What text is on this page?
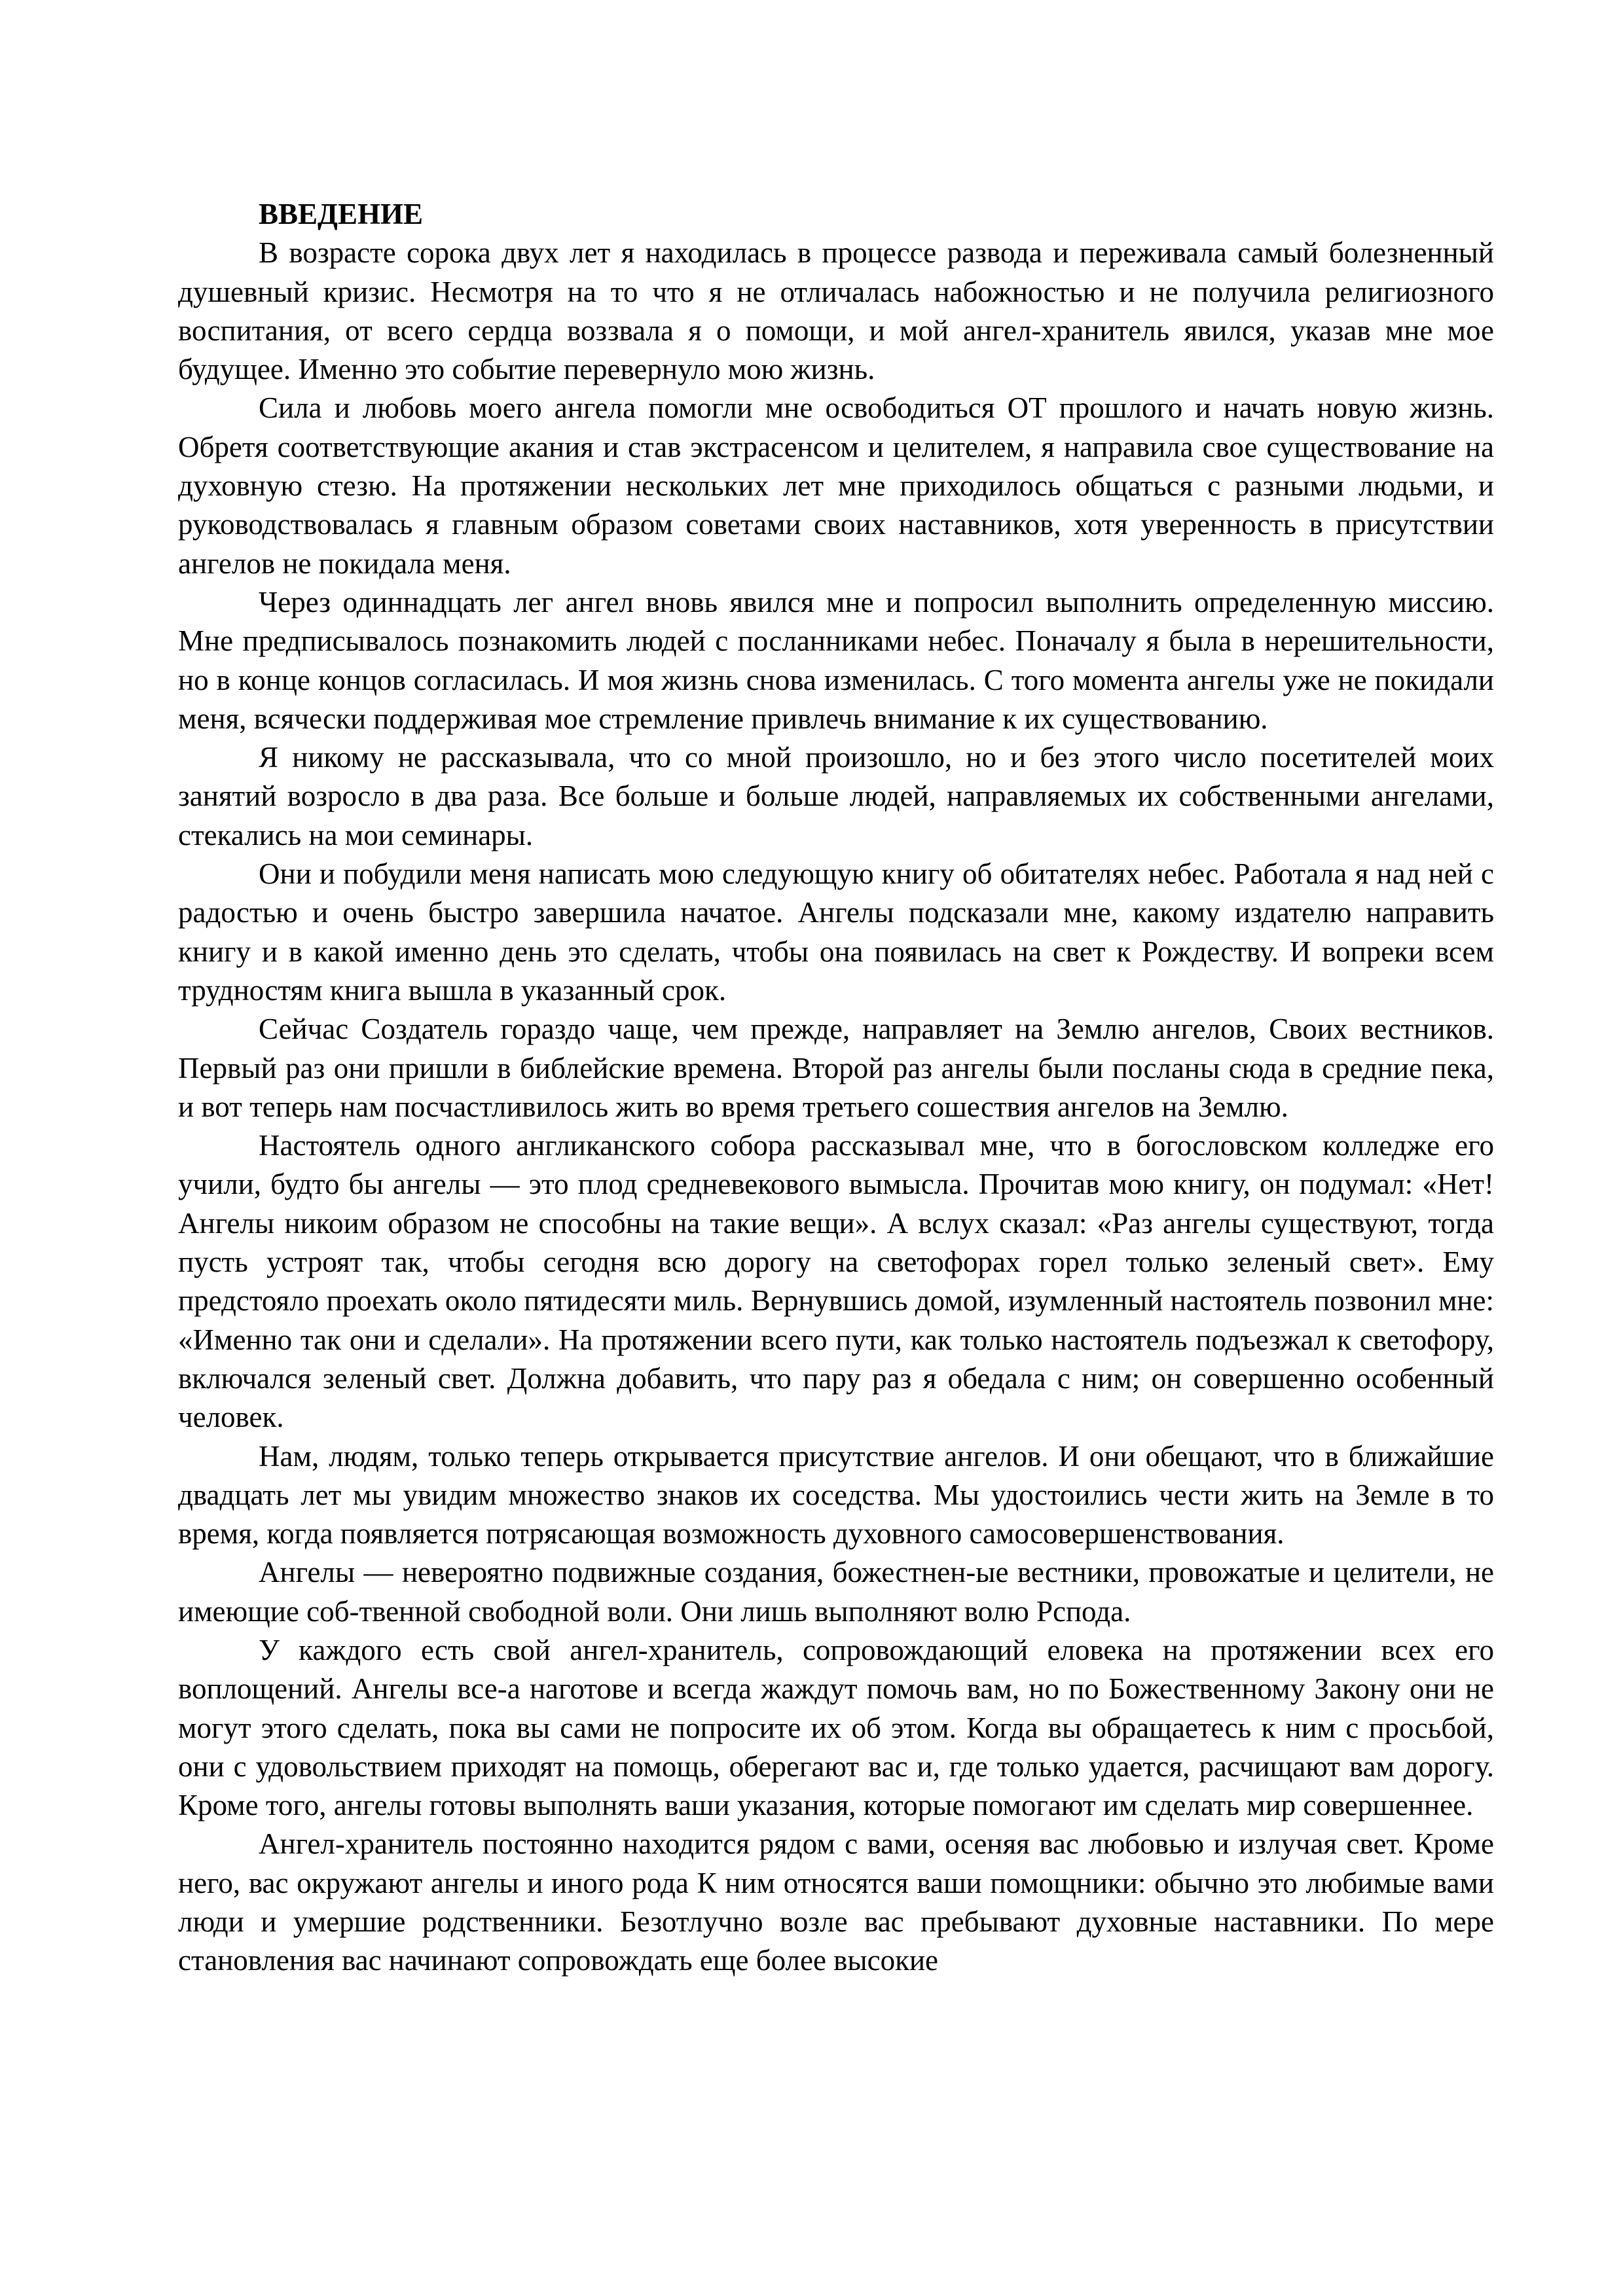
ВВЕДЕНИЕ

В возрасте сорока двух лет я находилась в процессе развода и переживала самый болезненный душевный кризис. Несмотря на то что я не отличалась набожностью и не получила религиозного воспитания, от всего сердца воззвала я о помощи, и мой ангел-хранитель явился, указав мне мое будущее. Именно это событие перевернуло мою жизнь.

Сила и любовь моего ангела помогли мне освободиться ОТ прошлого и начать новую жизнь. Обретя соответствующие акания и став экстрасенсом и целителем, я направила свое существование на духовную стезю. На протяжении нескольких лет мне приходилось общаться с разными людьми, и руководствовалась я главным образом советами своих наставников, хотя уверенность в присутствии ангелов не покидала меня.

Через одиннадцать лег ангел вновь явился мне и попросил выполнить определенную миссию. Мне предписывалось познакомить людей с посланниками небес. Поначалу я была в нерешительности, но в конце концов согласилась. И моя жизнь снова изменилась. С того момента ангелы уже не покидали меня, всячески поддерживая мое стремление привлечь внимание к их существованию.

Я никому не рассказывала, что со мной произошло, но и без этого число посетителей моих занятий возросло в два раза. Все больше и больше людей, направляемых их собственными ангелами, стекались на мои семинары.

Они и побудили меня написать мою следующую книгу об обитателях небес. Работала я над ней с радостью и очень быстро завершила начатое. Ангелы подсказали мне, какому издателю направить книгу и в какой именно день это сделать, чтобы она появилась на свет к Рождеству. И вопреки всем трудностям книга вышла в указанный срок.

Сейчас Создатель гораздо чаще, чем прежде, направляет на Землю ангелов, Своих вестников. Первый раз они пришли в библейские времена. Второй раз ангелы были посланы сюда в средние пека, и вот теперь нам посчастливилось жить во время третьего сошествия ангелов на Землю.

Настоятель одного англиканского собора рассказывал мне, что в богословском колледже его учили, будто бы ангелы — это плод средневекового вымысла. Прочитав мою книгу, он подумал: «Нет! Ангелы никоим образом не способны на такие вещи». А вслух сказал: «Раз ангелы существуют, тогда пусть устроят так, чтобы сегодня всю дорогу на светофорах горел только зеленый свет». Ему предстояло проехать около пятидесяти миль. Вернувшись домой, изумленный настоятель позвонил мне: «Именно так они и сделали». На протяжении всего пути, как только настоятель подъезжал к светофору, включался зеленый свет. Должна добавить, что пару раз я обедала с ним; он совершенно особенный человек.

Нам, людям, только теперь открывается присутствие ангелов. И они обещают, что в ближайшие двадцать лет мы увидим множество знаков их соседства. Мы удостоились чести жить на Земле в то время, когда появляется потрясающая возможность духовного самосовершенствования.

Ангелы — невероятно подвижные создания, божестнен-ые вестники, провожатые и целители, не имеющие соб-твенной свободной воли. Они лишь выполняют волю Рспода.

У каждого есть свой ангел-хранитель, сопровождающий еловека на протяжении всех его воплощений. Ангелы все-а наготове и всегда жаждут помочь вам, но по Божественному Закону они не могут этого сделать, пока вы сами не попросите их об этом. Когда вы обращаетесь к ним с просьбой, они с удовольствием приходят на помощь, оберегают вас и, где только удается, расчищают вам дорогу. Кроме того, ангелы готовы выполнять ваши указания, которые помогают им сделать мир совершеннее.

Ангел-хранитель постоянно находится рядом с вами, осеняя вас любовью и излучая свет. Кроме него, вас окружают ангелы и иного рода К ним относятся ваши помощники: обычно это любимые вами люди и умершие родственники. Безотлучно возле вас пребывают духовные наставники. По мере становления вас начинают сопровождать еще более высокие
